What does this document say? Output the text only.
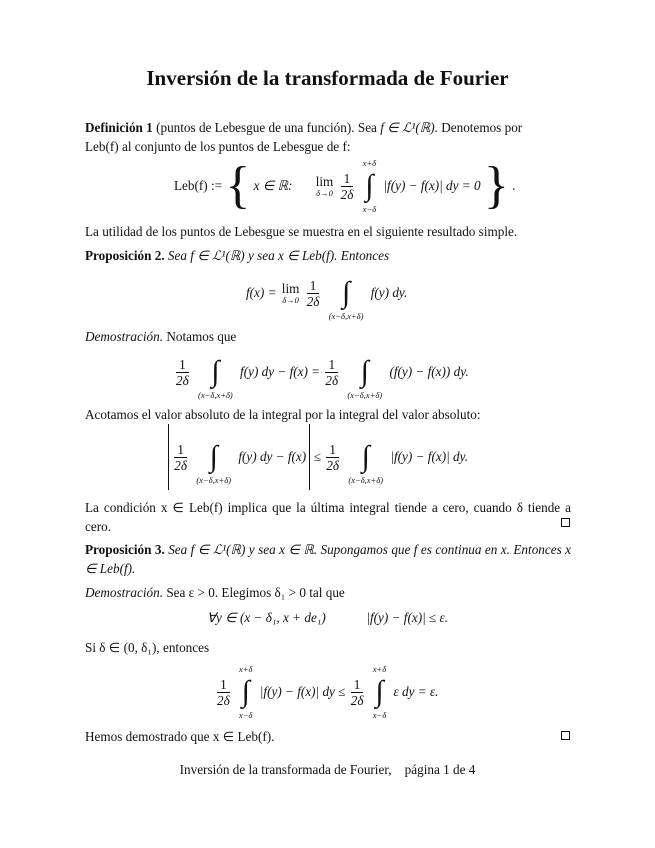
Inversión de la transformada de Fourier
Definición 1 (puntos de Lebesgue de una función). Sea f ∈ ℒ¹(ℝ). Denotemos por
Leb(f) al conjunto de los puntos de Lebesgue de f:
Leb(f) := { x ∈ ℝ: lim
δ→0
$\frac{1}{2\delta}$

x+δ
∫
x−δ
|f(y) − f(x)| dy = 0 } .
La utilidad de los puntos de Lebesgue se muestra en el siguiente resultado simple.
Proposición 2. Sea f ∈ ℒ¹(ℝ) y sea x ∈ Leb(f). Entonces
f(x) = lim
δ→0
$\frac{1}{2\delta}$

∫
(x−δ,x+δ)
f(y) dy.
Demostración. Notamos que
$\frac{1}{2\delta}$

∫
(x−δ,x+δ)
f(y) dy − $f(x) = \frac{1}{2\delta}$

∫
(x−δ,x+δ)
(f(y) − f(x)) dy.
Acotamos el valor absoluto de la integral por la integral del valor absoluto:

$\frac{1}{2\delta}$

∫
(x−δ,x+δ)
f(y) dy − $f(x) \le \frac{1}{2\delta}$

∫
(x−δ,x+δ)
|f(y) − f(x)| dy.
La condición x ∈ Leb(f) implica que la última integral tiende a cero, cuando δ tiende a cero.
Proposición 3. Sea f ∈ ℒ¹(ℝ) y sea x ∈ ℝ. Supongamos que f es continua en x. Entonces x ∈ Leb(f).
Demostración. Sea ε > 0. Elegimos δ₁ > 0 tal que
∀y ∈ (x − δ₁, x + de₁)	|f(y) − f(x)| ≤ ε.
Si δ ∈ (0, δ₁), entonces
$\frac{1}{2\delta}$

x+δ
∫
x−δ
|f(y) − f(x)| dy ≤ $\frac{1}{2\delta}$

x+δ
∫
x−δ
ε dy = ε.
Hemos demostrado que x ∈ Leb(f).
Inversión de la transformada de Fourier,    página 1 de 4
